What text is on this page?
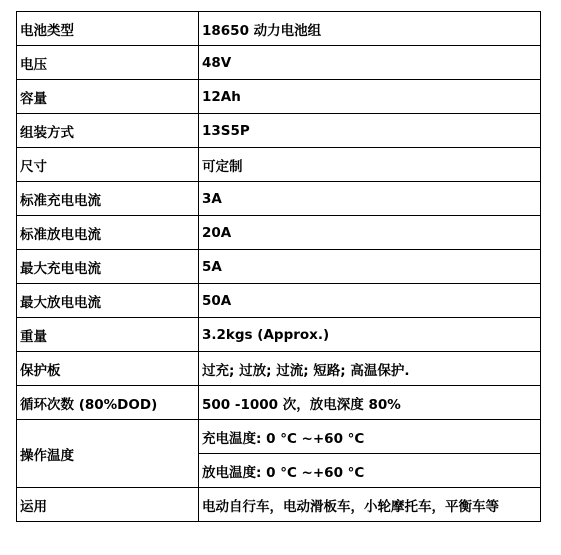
电池类型	18650 动力电池组
电压	48V
容量	12Ah
组装方式	13S5P
尺寸	可定制
标准充电电流	3A
标准放电电流	20A
最大充电电流	5A
最大放电电流	50A
重量	3.2kgs (Approx.)
保护板	过充; 过放; 过流; 短路; 高温保护.
循环次数 (80%DOD)	500 -1000 次，放电深度 80%
操作温度	充电温度: 0 °C ~+60 °C
	放电温度: 0 °C ~+60 °C
运用	电动自行车，电动滑板车，小轮摩托车，平衡车等
